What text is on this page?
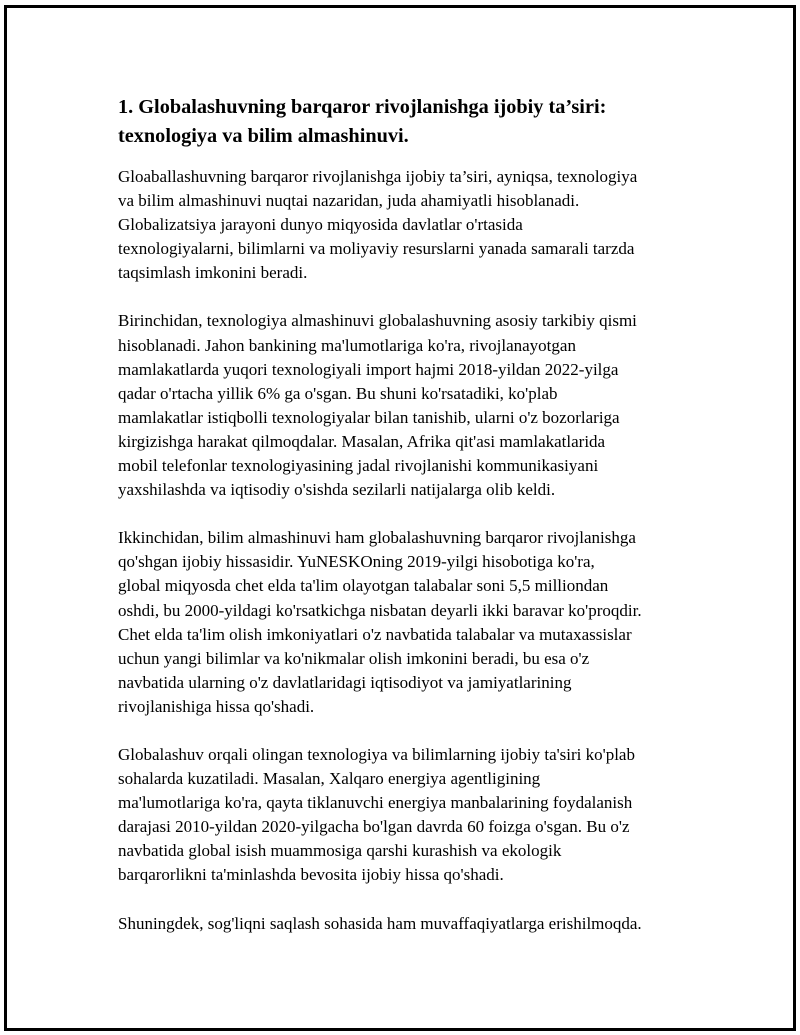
1. Globalashuvning barqaror rivojlanishga ijobiy ta’siri:
texnologiya va bilim almashinuvi.

Gloaballashuvning barqaror rivojlanishga ijobiy ta’siri, ayniqsa, texnologiya
va bilim almashinuvi nuqtai nazaridan, juda ahamiyatli hisoblanadi.
Globalizatsiya jarayoni dunyo miqyosida davlatlar o'rtasida
texnologiyalarni, bilimlarni va moliyaviy resurslarni yanada samarali tarzda
taqsimlash imkonini beradi.

Birinchidan, texnologiya almashinuvi globalashuvning asosiy tarkibiy qismi
hisoblanadi. Jahon bankining ma'lumotlariga ko'ra, rivojlanayotgan
mamlakatlarda yuqori texnologiyali import hajmi 2018-yildan 2022-yilga
qadar o'rtacha yillik 6% ga o'sgan. Bu shuni ko'rsatadiki, ko'plab
mamlakatlar istiqbolli texnologiyalar bilan tanishib, ularni o'z bozorlariga
kirgizishga harakat qilmoqdalar. Masalan, Afrika qit'asi mamlakatlarida
mobil telefonlar texnologiyasining jadal rivojlanishi kommunikasiyani
yaxshilashda va iqtisodiy o'sishda sezilarli natijalarga olib keldi.

Ikkinchidan, bilim almashinuvi ham globalashuvning barqaror rivojlanishga
qo'shgan ijobiy hissasidir. YuNESKOning 2019-yilgi hisobotiga ko'ra,
global miqyosda chet elda ta'lim olayotgan talabalar soni 5,5 milliondan
oshdi, bu 2000-yildagi ko'rsatkichga nisbatan deyarli ikki baravar ko'proqdir.
Chet elda ta'lim olish imkoniyatlari o'z navbatida talabalar va mutaxassislar
uchun yangi bilimlar va ko'nikmalar olish imkonini beradi, bu esa o'z
navbatida ularning o'z davlatlaridagi iqtisodiyot va jamiyatlarining
rivojlanishiga hissa qo'shadi.

Globalashuv orqali olingan texnologiya va bilimlarning ijobiy ta'siri ko'plab
sohalarda kuzatiladi. Masalan, Xalqaro energiya agentligining
ma'lumotlariga ko'ra, qayta tiklanuvchi energiya manbalarining foydalanish
darajasi 2010-yildan 2020-yilgacha bo'lgan davrda 60 foizga o'sgan. Bu o'z
navbatida global isish muammosiga qarshi kurashish va ekologik
barqarorlikni ta'minlashda bevosita ijobiy hissa qo'shadi.

Shuningdek, sog'liqni saqlash sohasida ham muvaffaqiyatlarga erishilmoqda.
